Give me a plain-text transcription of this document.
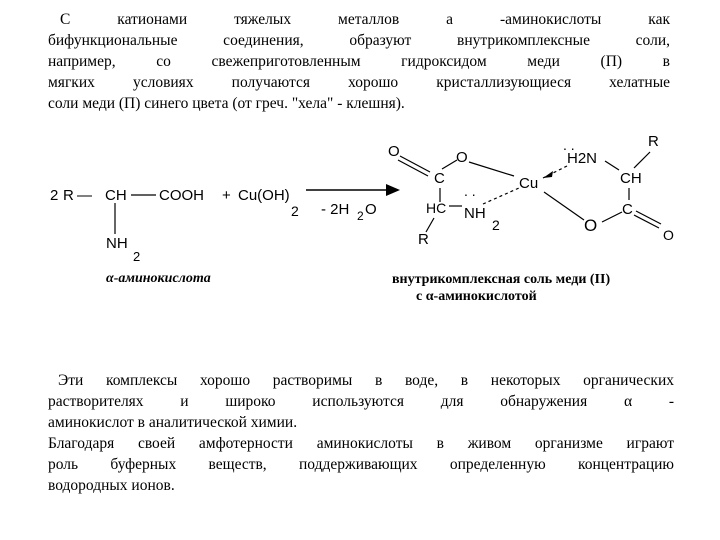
С катионами тяжелых металлов а -аминокислоты как
бифункциональные соединения, образуют внутрикомплексные соли,
например, со свежеприготовленным гидроксидом меди (П) в
мягких условиях получаются хорошо кристаллизующиеся хелатные
соли меди (П) синего цвета (от греч. "хела" - клешня).
2 R — CH COOH + Cu(OH)
2
NH
2
- 2H 2 O
α-аминокислота
O
C
O
Cu
HC
. .
NH
2
R
H2N
. .
CH
R
C
O
O
внутрикомплексная соль меди (II)
с α-аминокислотой
Эти комплексы хорошо растворимы в воде, в некоторых органических
растворителях и широко используются для обнаружения α -
аминокислот в аналитической химии.
Благодаря своей амфотерности аминокислоты в живом организме играют
роль буферных веществ, поддерживающих определенную концентрацию
водородных ионов.
